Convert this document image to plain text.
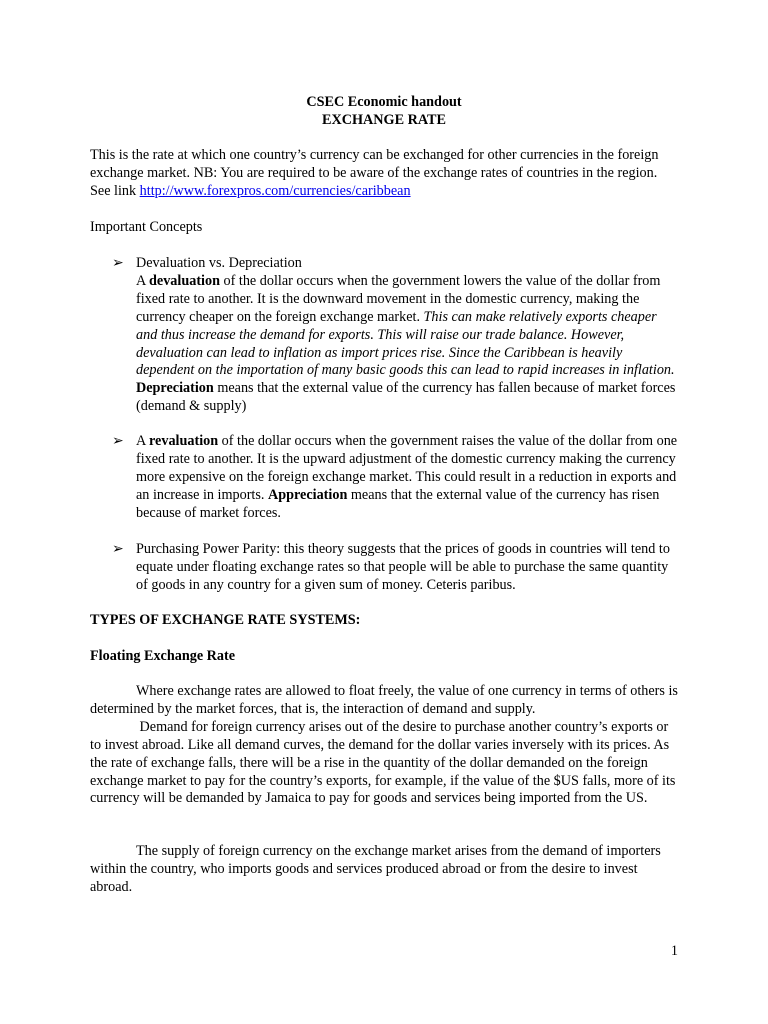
CSEC Economic handout
EXCHANGE RATE

This is the rate at which one country’s currency can be exchanged for other currencies in the foreign exchange market. NB: You are required to be aware of the exchange rates of countries in the region. See link http://www.forexpros.com/currencies/caribbean

Important Concepts
➢ Devaluation vs. Depreciation
A devaluation of the dollar occurs when the government lowers the value of the dollar from fixed rate to another. It is the downward movement in the domestic currency, making the currency cheaper on the foreign exchange market. This can make relatively exports cheaper and thus increase the demand for exports. This will raise our trade balance. However, devaluation can lead to inflation as import prices rise. Since the Caribbean is heavily dependent on the importation of many basic goods this can lead to rapid increases in inflation. Depreciation means that the external value of the currency has fallen because of market forces (demand & supply)

➢ A revaluation of the dollar occurs when the government raises the value of the dollar from one fixed rate to another. It is the upward adjustment of the domestic currency making the currency more expensive on the foreign exchange market. This could result in a reduction in exports and an increase in imports. Appreciation means that the external value of the currency has risen because of market forces.

➢ Purchasing Power Parity: this theory suggests that the prices of goods in countries will tend to equate under floating exchange rates so that people will be able to purchase the same quantity of goods in any country for a given sum of money. Ceteris paribus.

TYPES OF EXCHANGE RATE SYSTEMS:
Floating Exchange Rate

Where exchange rates are allowed to float freely, the value of one currency in terms of others is determined by the market forces, that is, the interaction of demand and supply.
Demand for foreign currency arises out of the desire to purchase another country’s exports or to invest abroad. Like all demand curves, the demand for the dollar varies inversely with its prices. As the rate of exchange falls, there will be a rise in the quantity of the dollar demanded on the foreign exchange market to pay for the country’s exports, for example, if the value of the $US falls, more of its currency will be demanded by Jamaica to pay for goods and services being imported from the US.

The supply of foreign currency on the exchange market arises from the demand of importers within the country, who imports goods and services produced abroad or from the desire to invest abroad.

1
